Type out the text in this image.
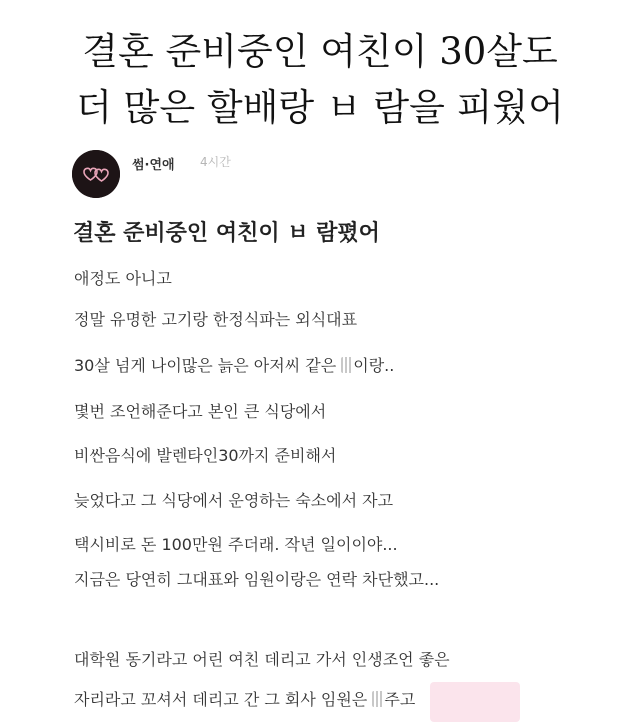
결혼 준비중인 여친이 30살도
더 많은 할배랑 ㅂ 람을 피웠어
썸·연애 4시간
결혼 준비중인 여친이 ㅂ 람폈어
애정도 아니고
정말 유명한 고기랑 한정식파는 외식대표
30살 넘게 나이많은 늙은 아저씨 같은 이랑..
몇번 조언해준다고 본인 큰 식당에서
비싼음식에 발렌타인30까지 준비해서
늦었다고 그 식당에서 운영하는 숙소에서 자고
택시비로 돈 100만원 주더래. 작년 일이이야...
지금은 당연히 그대표와 임원이랑은 연락 차단했고...
대학원 동기라고 어린 여친 데리고 가서 인생조언 좋은
자리라고 꼬셔서 데리고 간 그 회사 임원은 주고
